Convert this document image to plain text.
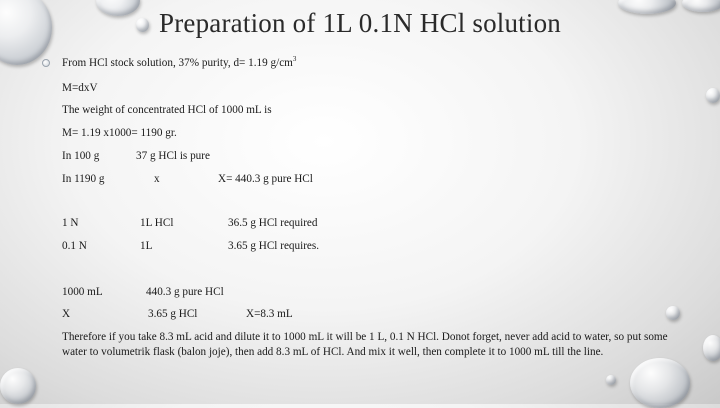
Preparation of 1L 0.1N HCl solution
From HCl stock solution, 37% purity, d= 1.19 $g/cm^3$
M=dxV
The weight of concentrated HCl of 1000 mL is
M= 1.19 x1000= 1190 gr.
In 100 g	37 g HCl is pure
In 1190 g	x	X= 440.3 g pure HCl
1 N	1L HCl	36.5 g HCl required
0.1 N	1L	3.65 g HCl requires.
1000 mL	440.3 g pure HCl
X	3.65 g HCl	X=8.3 mL
Therefore if you take 8.3 mL acid and dilute it to 1000 mL it will be 1 L, 0.1 N HCl. Donot forget, never add acid to water, so put some water to volumetrik flask (balon joje), then add 8.3 mL of HCl. And mix it well, then complete it to 1000 mL till the line.
